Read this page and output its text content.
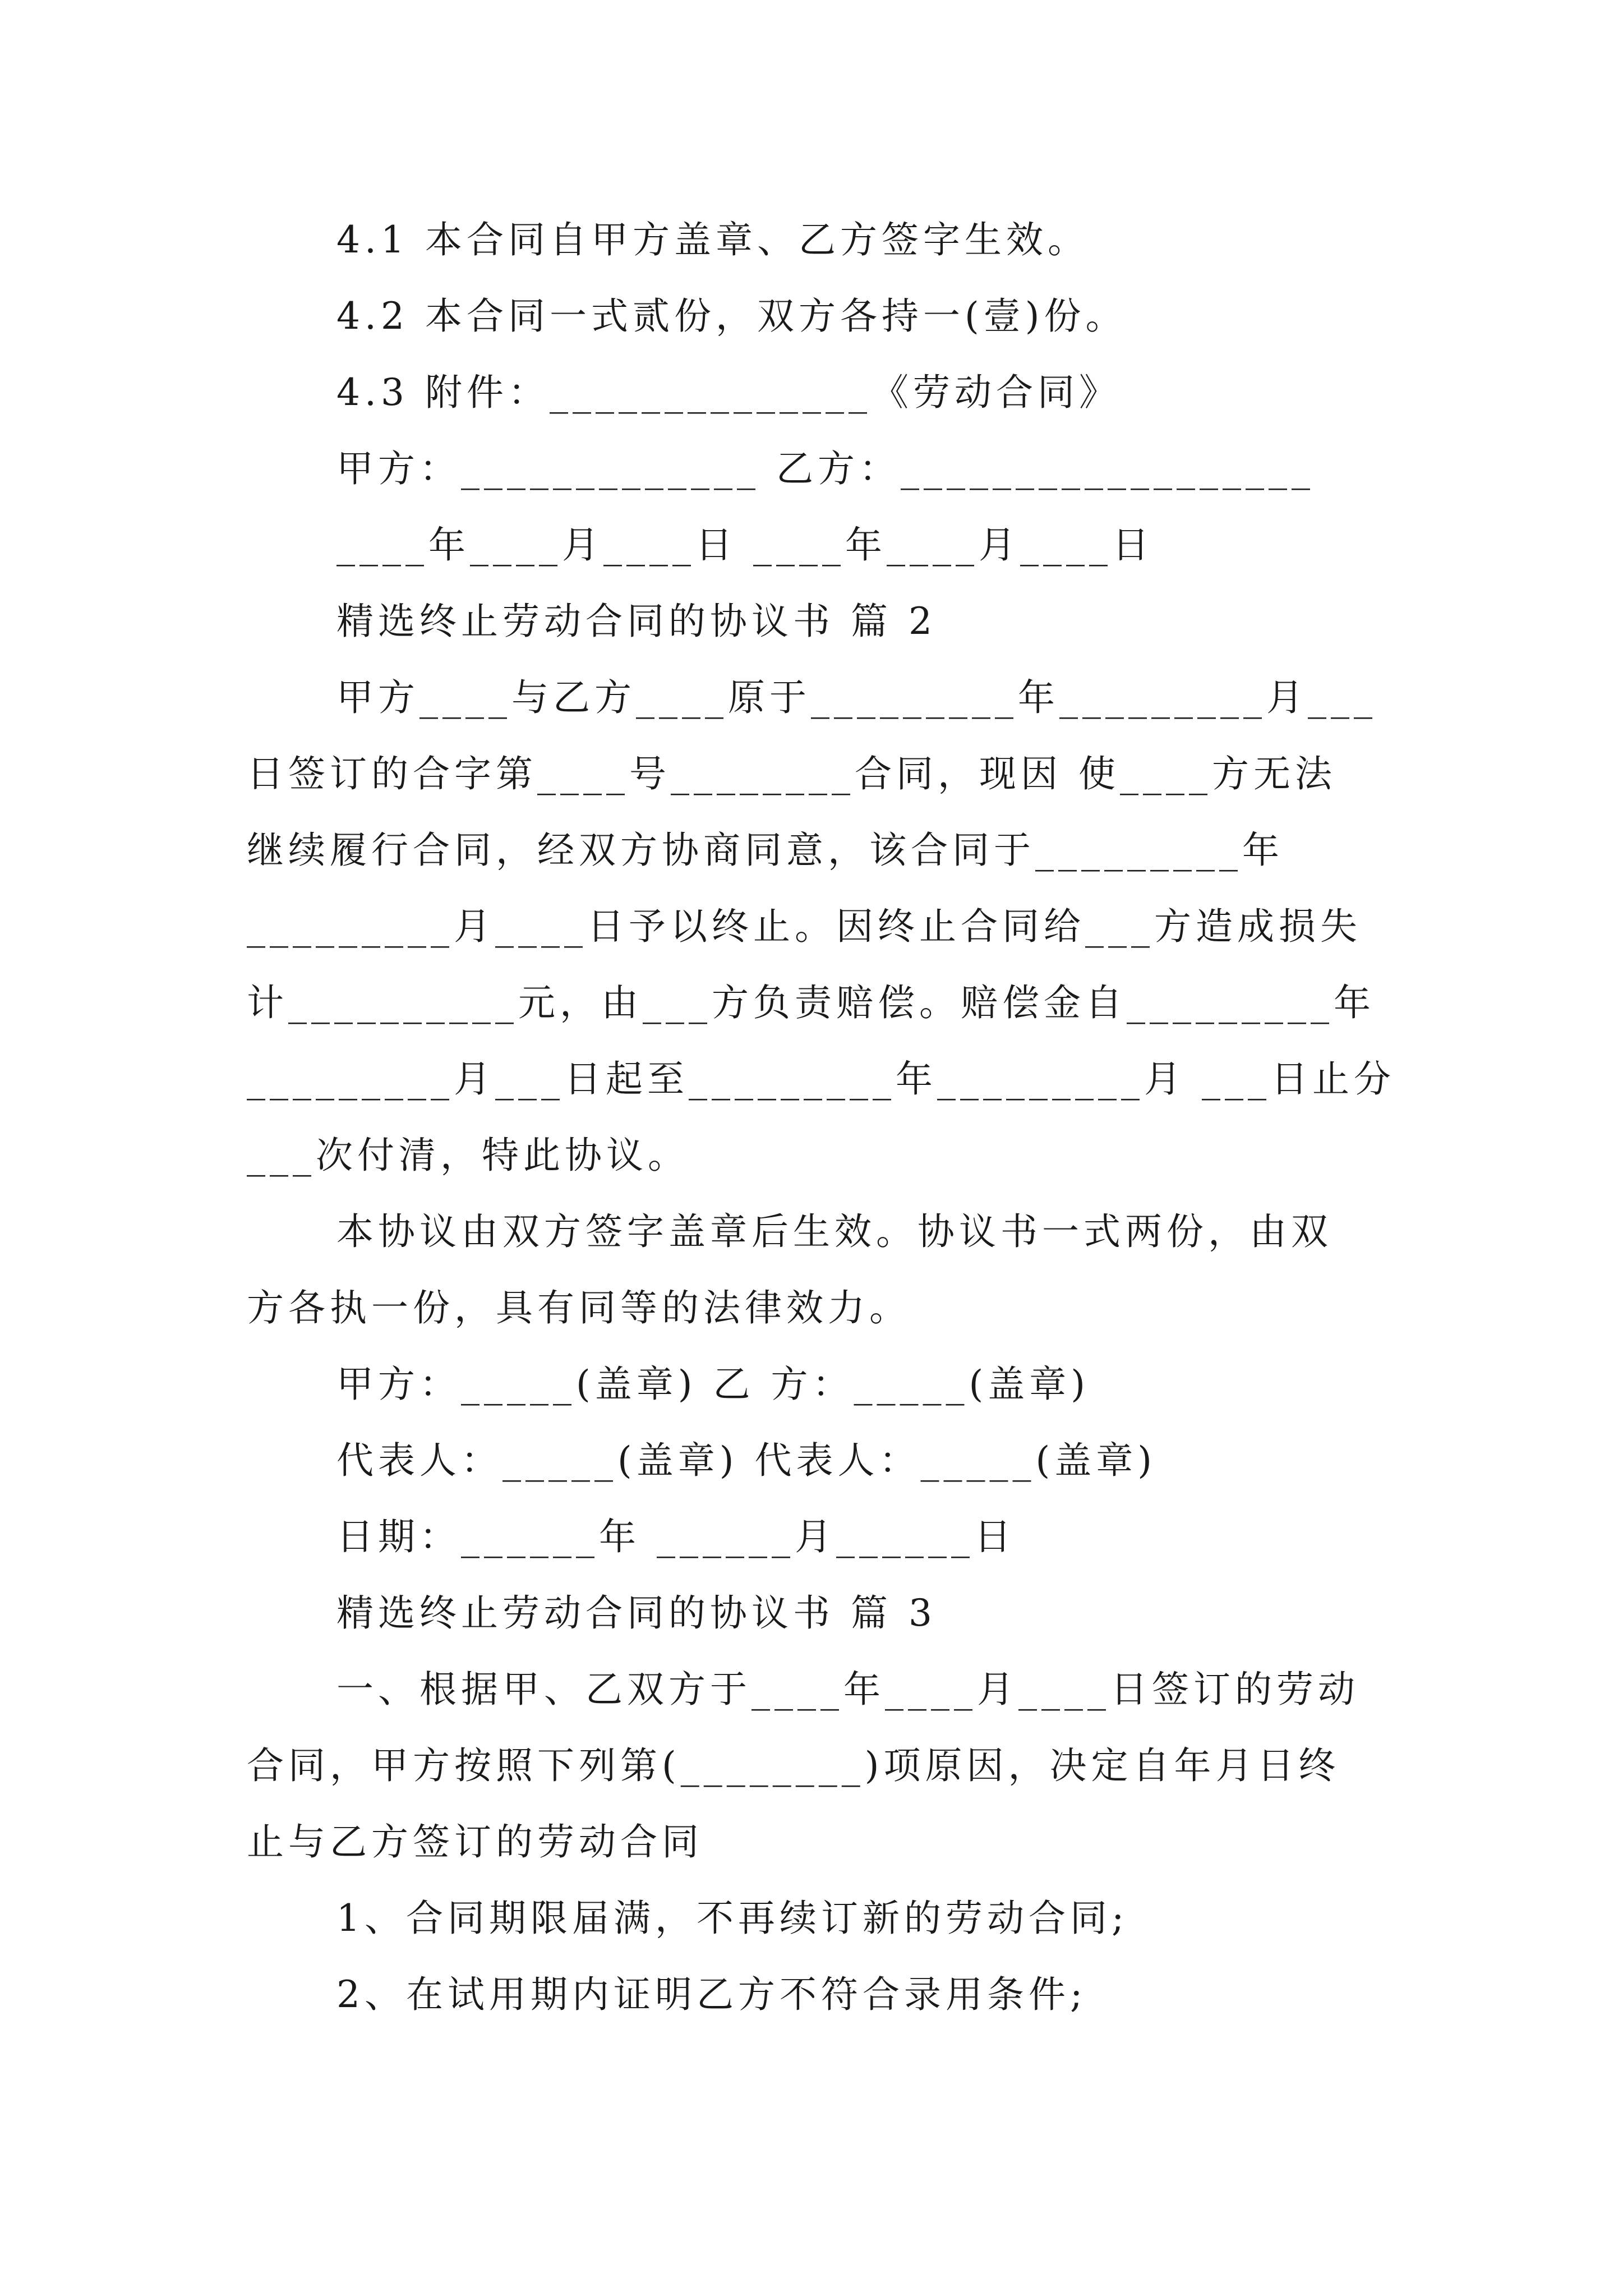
4.1 本合同自甲方盖章、乙方签字生效。
4.2 本合同一式贰份，双方各持一(壹)份。
4.3 附件：______________《劳动合同》
甲方：_____________ 乙方：__________________
____年____月____日 ____年____月____日
精选终止劳动合同的协议书 篇 2
甲方____与乙方____原于_________年_________月___
日签订的合字第____号________合同，现因 使____方无法
继续履行合同，经双方协商同意，该合同于_________年
_________月____日予以终止。因终止合同给___方造成损失
计__________元，由___方负责赔偿。赔偿金自_________年
_________月___日起至_________年_________月 ___日止分
___次付清，特此协议。
本协议由双方签字盖章后生效。协议书一式两份，由双
方各执一份，具有同等的法律效力。
甲方：_____(盖章) 乙 方：_____(盖章)
代表人：_____(盖章) 代表人：_____(盖章)
日期：______年 ______月______日
精选终止劳动合同的协议书 篇 3
一、根据甲、乙双方于____年____月____日签订的劳动
合同，甲方按照下列第(________)项原因，决定自年月日终
止与乙方签订的劳动合同
1、合同期限届满，不再续订新的劳动合同;
2、在试用期内证明乙方不符合录用条件;
